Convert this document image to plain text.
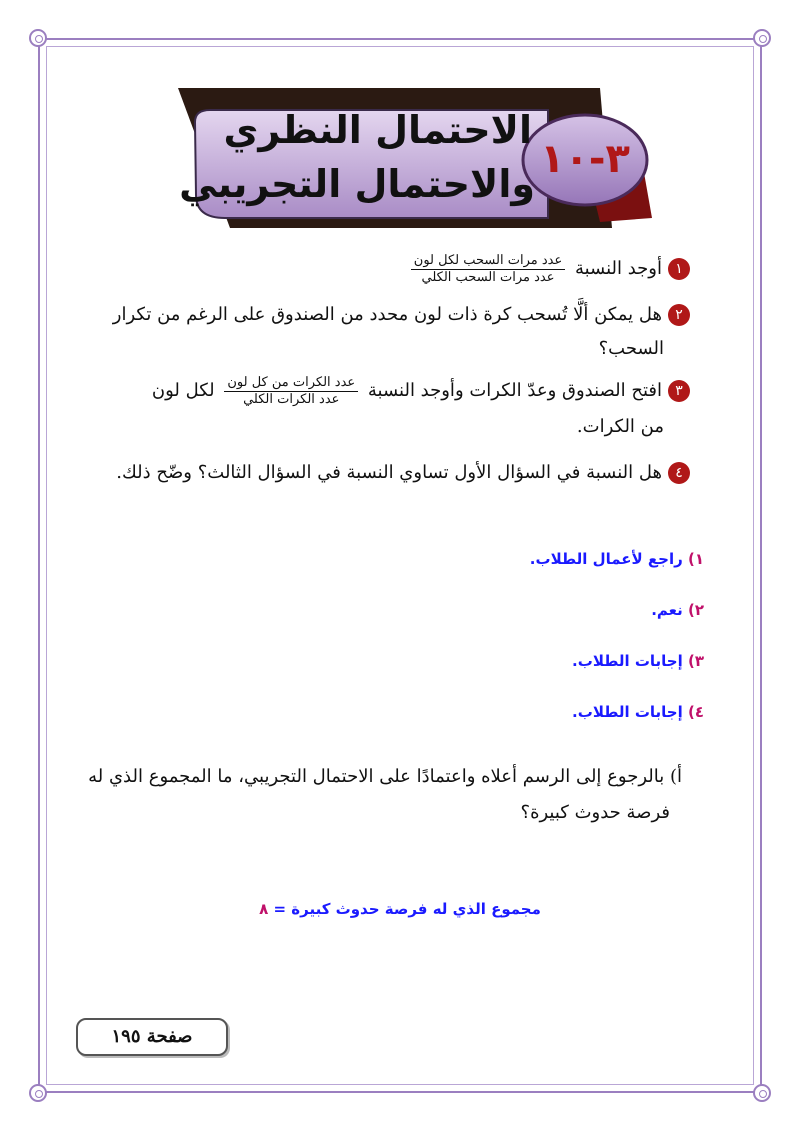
٣-١٠
الاحتمال النظري
والاحتمال التجريبي
١أوجد النسبة
$\frac{\text{عدد مرات السحب لكل لون}}{\text{عدد مرات السحب الكلي}}$
٢هل يمكن ألَّا تُسحب كرة ذات لون محدد من الصندوق على الرغم من تكرار
السحب؟
٣افتح الصندوق وعدّ الكرات وأوجد النسبة
$\frac{\text{عدد الكرات من كل لون}}{\text{عدد الكرات الكلي}}$
لكل لون
من الكرات.
٤هل النسبة في السؤال الأول تساوي النسبة في السؤال الثالث؟ وضّح ذلك.
١) راجع لأعمال الطلاب.
٢) نعم.
٣) إجابات الطلاب.
٤) إجابات الطلاب.
أ) بالرجوع إلى الرسم أعلاه واعتمادًا على الاحتمال التجريبي، ما المجموع الذي له
فرصة حدوث كبيرة؟
مجموع الذي له فرصة حدوث كبيرة = ٨
صفحة ١٩٥
